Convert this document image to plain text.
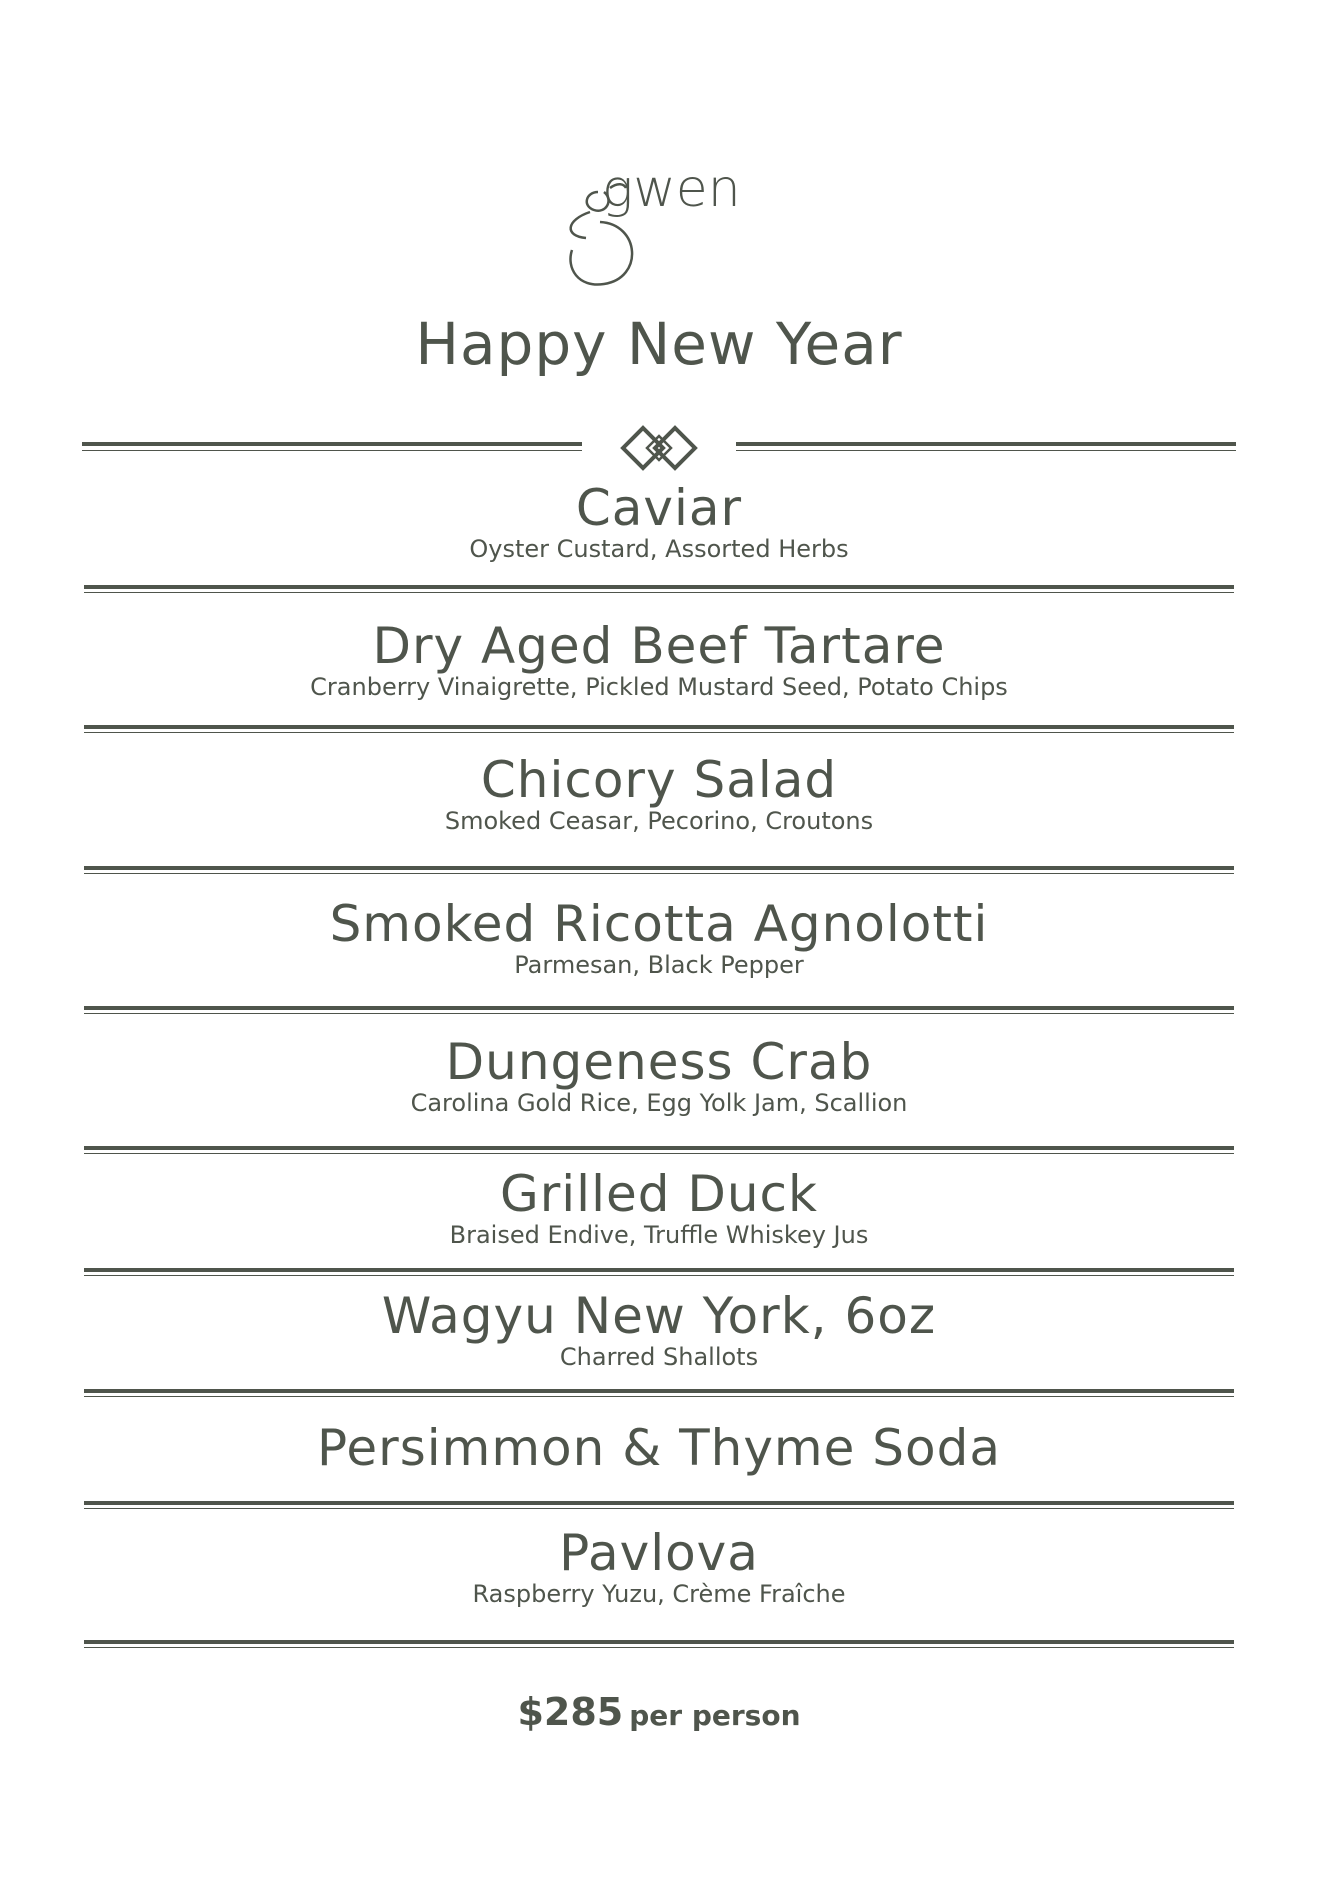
gwen
Happy New Year
Caviar
Oyster Custard, Assorted Herbs
Dry Aged Beef Tartare
Cranberry Vinaigrette, Pickled Mustard Seed, Potato Chips
Chicory Salad
Smoked Ceasar, Pecorino, Croutons
Smoked Ricotta Agnolotti
Parmesan, Black Pepper
Dungeness Crab
Carolina Gold Rice, Egg Yolk Jam, Scallion
Grilled Duck
Braised Endive, Truffle Whiskey Jus
Wagyu New York, 6oz
Charred Shallots
Persimmon & Thyme Soda
Pavlova
Raspberry Yuzu, Crème Fraîche
$285 per person
